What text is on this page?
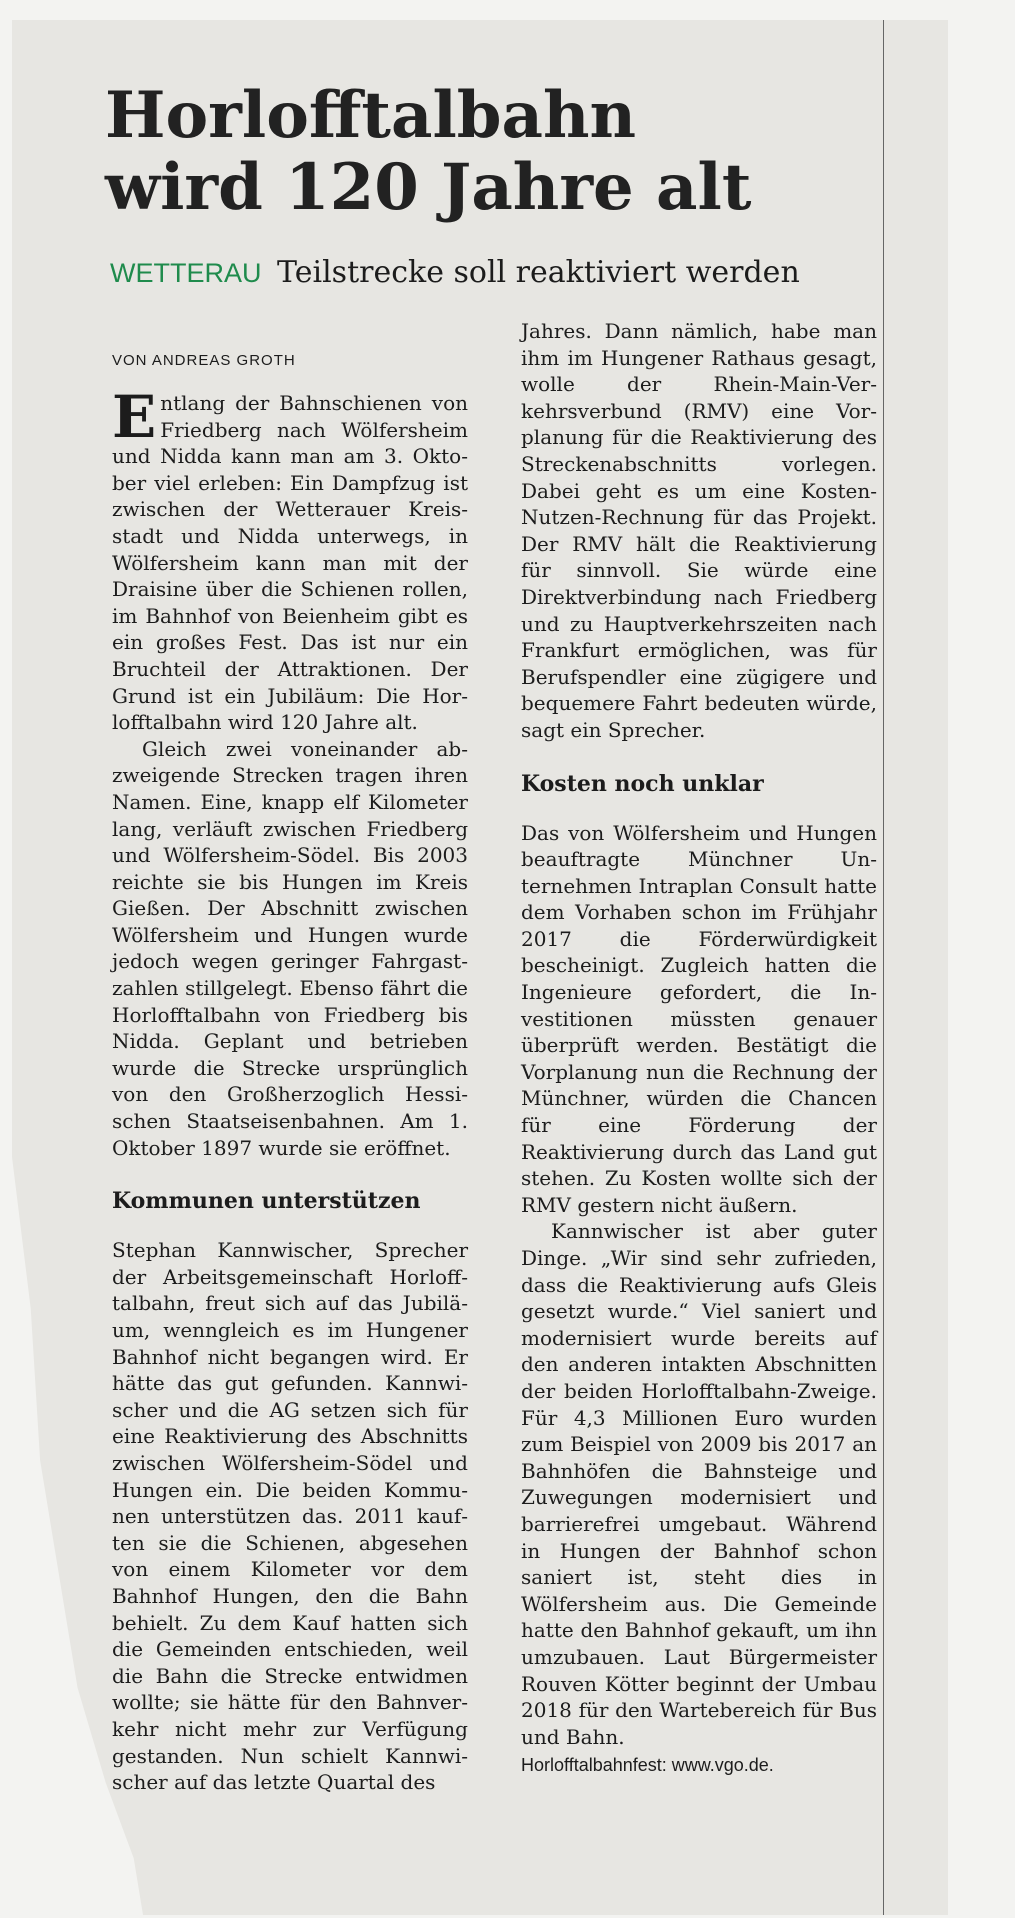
Horlofftalbahn
wird 120 Jahre alt
WETTERAU Teilstrecke soll reaktiviert werden
VON ANDREAS GROTH

Entlang der Bahnschienen von Friedberg nach Wölfersheim und Nidda kann man am 3. Oktober viel erleben: Ein Dampfzug ist zwischen der Wetterauer Kreisstadt und Nidda unterwegs, in Wölfersheim kann man mit der Draisine über die Schienen rollen, im Bahnhof von Beienheim gibt es ein großes Fest. Das ist nur ein Bruchteil der Attraktionen. Der Grund ist ein Jubiläum: Die Horlofftalbahn wird 120 Jahre alt.

Gleich zwei voneinander abzweigende Strecken tragen ihren Namen. Eine, knapp elf Kilometer lang, verläuft zwischen Friedberg und Wölfersheim-Södel. Bis 2003 reichte sie bis Hungen im Kreis Gießen. Der Abschnitt zwischen Wölfersheim und Hungen wurde jedoch wegen geringer Fahrgastzahlen stillgelegt. Ebenso fährt die Horlofftalbahn von Friedberg bis Nidda. Geplant und betrieben wurde die Strecke ursprünglich von den Großherzoglich Hessischen Staatseisenbahnen. Am 1. Oktober 1897 wurde sie eröffnet.

Kommunen unterstützen

Stephan Kannwischer, Sprecher der Arbeitsgemeinschaft Horlofftalbahn, freut sich auf das Jubiläum, wenngleich es im Hungener Bahnhof nicht begangen wird. Er hätte das gut gefunden. Kannwischer und die AG setzen sich für eine Reaktivierung des Abschnitts zwischen Wölfersheim-Södel und Hungen ein. Die beiden Kommunen unterstützen das. 2011 kauften sie die Schienen, abgesehen von einem Kilometer vor dem Bahnhof Hungen, den die Bahn behielt. Zu dem Kauf hatten sich die Gemeinden entschieden, weil die Bahn die Strecke entwidmen wollte; sie hätte für den Bahnverkehr nicht mehr zur Verfügung gestanden. Nun schielt Kannwischer auf das letzte Quartal des

Jahres. Dann nämlich, habe man ihm im Hungener Rathaus gesagt, wolle der Rhein-Main-Verkehrsverbund (RMV) eine Vorplanung für die Reaktivierung des Streckenabschnitts vorlegen. Dabei geht es um eine Kosten-Nutzen-Rechnung für das Projekt. Der RMV hält die Reaktivierung für sinnvoll. Sie würde eine Direktverbindung nach Friedberg und zu Hauptverkehrszeiten nach Frankfurt ermöglichen, was für Berufspendler eine zügigere und bequemere Fahrt bedeuten würde, sagt ein Sprecher.

Kosten noch unklar

Das von Wölfersheim und Hungen beauftragte Münchner Unternehmen Intraplan Consult hatte dem Vorhaben schon im Frühjahr 2017 die Förderwürdigkeit bescheinigt. Zugleich hatten die Ingenieure gefordert, die Investitionen müssten genauer überprüft werden. Bestätigt die Vorplanung nun die Rechnung der Münchner, würden die Chancen für eine Förderung der Reaktivierung durch das Land gut stehen. Zu Kosten wollte sich der RMV gestern nicht äußern.

Kannwischer ist aber guter Dinge. „Wir sind sehr zufrieden, dass die Reaktivierung aufs Gleis gesetzt wurde.“ Viel saniert und modernisiert wurde bereits auf den anderen intakten Abschnitten der beiden Horlofftalbahn-Zweige. Für 4,3 Millionen Euro wurden zum Beispiel von 2009 bis 2017 an Bahnhöfen die Bahnsteige und Zuwegungen modernisiert und barrierefrei umgebaut. Während in Hungen der Bahnhof schon saniert ist, steht dies in Wölfersheim aus. Die Gemeinde hatte den Bahnhof gekauft, um ihn umzubauen. Laut Bürgermeister Rouven Kötter beginnt der Umbau 2018 für den Wartebereich für Bus und Bahn.

Horlofftalbahnfest: www.vgo.de.
